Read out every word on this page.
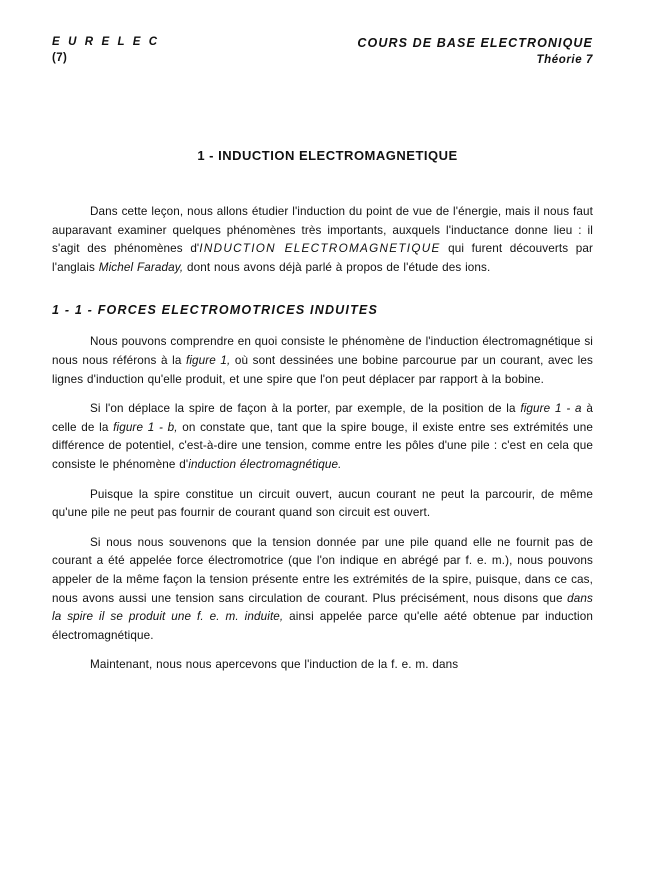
E U R E L E C
(7)
COURS DE BASE ELECTRONIQUE
Théorie 7
1 - INDUCTION ELECTROMAGNETIQUE

Dans cette leçon, nous allons étudier l'induction du point de vue de l'énergie, mais il nous faut auparavant examiner quelques phénomènes très importants, auxquels l'inductance donne lieu : il s'agit des phénomènes d'INDUCTION ELECTROMAGNETIQUE qui furent découverts par l'anglais Michel Faraday, dont nous avons déjà parlé à propos de l'étude des ions.

1 - 1 - FORCES ELECTROMOTRICES INDUITES

Nous pouvons comprendre en quoi consiste le phénomène de l'induction électromagnétique si nous nous référons à la figure 1, où sont dessinées une bobine parcourue par un courant, avec les lignes d'induction qu'elle produit, et une spire que l'on peut déplacer par rapport à la bobine.

Si l'on déplace la spire de façon à la porter, par exemple, de la position de la figure 1 - a à celle de la figure 1 - b, on constate que, tant que la spire bouge, il existe entre ses extrémités une différence de potentiel, c'est-à-dire une tension, comme entre les pôles d'une pile : c'est en cela que consiste le phénomène d'induction électromagnétique.

Puisque la spire constitue un circuit ouvert, aucun courant ne peut la parcourir, de même qu'une pile ne peut pas fournir de courant quand son circuit est ouvert.

Si nous nous souvenons que la tension donnée par une pile quand elle ne fournit pas de courant a été appelée force électromotrice (que l'on indique en abrégé par f. e. m.), nous pouvons appeler de la même façon la tension présente entre les extrémités de la spire, puisque, dans ce cas, nous avons aussi une tension sans circulation de courant. Plus précisément, nous disons que dans la spire il se produit une f. e. m. induite, ainsi appelée parce qu'elle aété obtenue par induction électromagnétique.

Maintenant, nous nous apercevons que l'induction de la f. e. m. dans
